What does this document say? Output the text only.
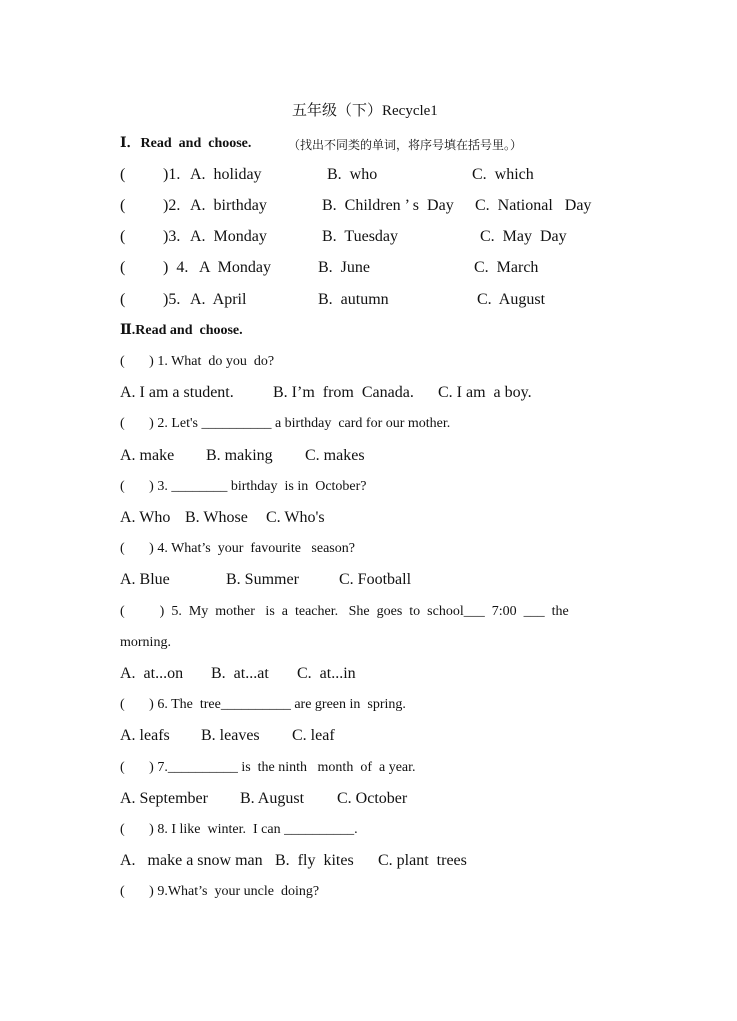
五年级（下）Recycle1
Ⅰ．Read  and  choose.	（找出不同类的单词，将序号填在括号里。）
( )1. A.  holiday	B.  who	C.  which
( )2. A.  birthday	B.  Children ’ s  Day C.  National   Day
( )3. A.  Monday	B.  Tuesday	C.  May  Day
( )  4. A  Monday	B.  June	C.  March
( )5. A.  April	B.  autumn	C.  August
Ⅱ.Read and  choose.
(       ) 1. What  do you  do?
A. I am a student. B. I’m  from  Canada. C. I am  a boy.
(       ) 2. Let's __________ a birthday  card for our mother.
A. make B. making C. makes
(       ) 3. ________ birthday  is in  October?
A. Who B. Whose C. Who's
(       ) 4. What’s  your  favourite   season?
A. Blue	B. Summer	C. Football
(          )  5.  My  mother   is  a  teacher.   She  goes  to  school___  7:00  ___  the
morning.
A.  at...on B.  at...at C.  at...in
(       ) 6. The  tree__________ are green in  spring.
A. leafs B. leaves C. leaf
(       ) 7.__________ is  the ninth   month  of  a year.
A. September B. August C. October
(       ) 8. I like  winter.  I can __________.
A.   make a snow man B.  fly  kites C. plant  trees
(       ) 9.What’s  your uncle  doing?
